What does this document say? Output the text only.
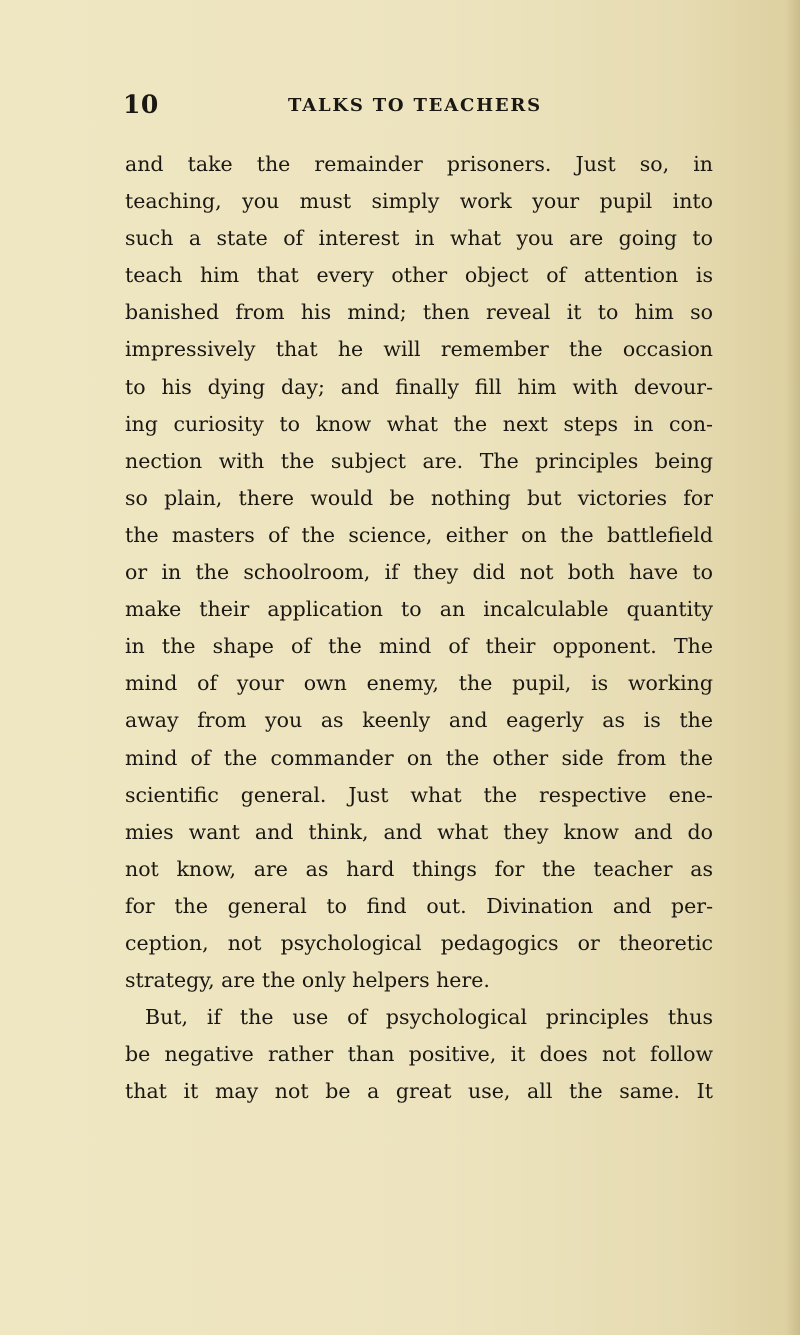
10	TALKS TO TEACHERS
and take the remainder prisoners. Just so, in
teaching, you must simply work your pupil into
such a state of interest in what you are going to
teach him that every other object of attention is
banished from his mind; then reveal it to him so
impressively that he will remember the occasion
to his dying day; and finally fill him with devour-
ing curiosity to know what the next steps in con-
nection with the subject are. The principles being
so plain, there would be nothing but victories for
the masters of the science, either on the battlefield
or in the schoolroom, if they did not both have to
make their application to an incalculable quantity
in the shape of the mind of their opponent. The
mind of your own enemy, the pupil, is working
away from you as keenly and eagerly as is the
mind of the commander on the other side from the
scientific general. Just what the respective ene-
mies want and think, and what they know and do
not know, are as hard things for the teacher as
for the general to find out. Divination and per-
ception, not psychological pedagogics or theoretic
strategy, are the only helpers here.
But, if the use of psychological principles thus
be negative rather than positive, it does not follow
that it may not be a great use, all the same. It
